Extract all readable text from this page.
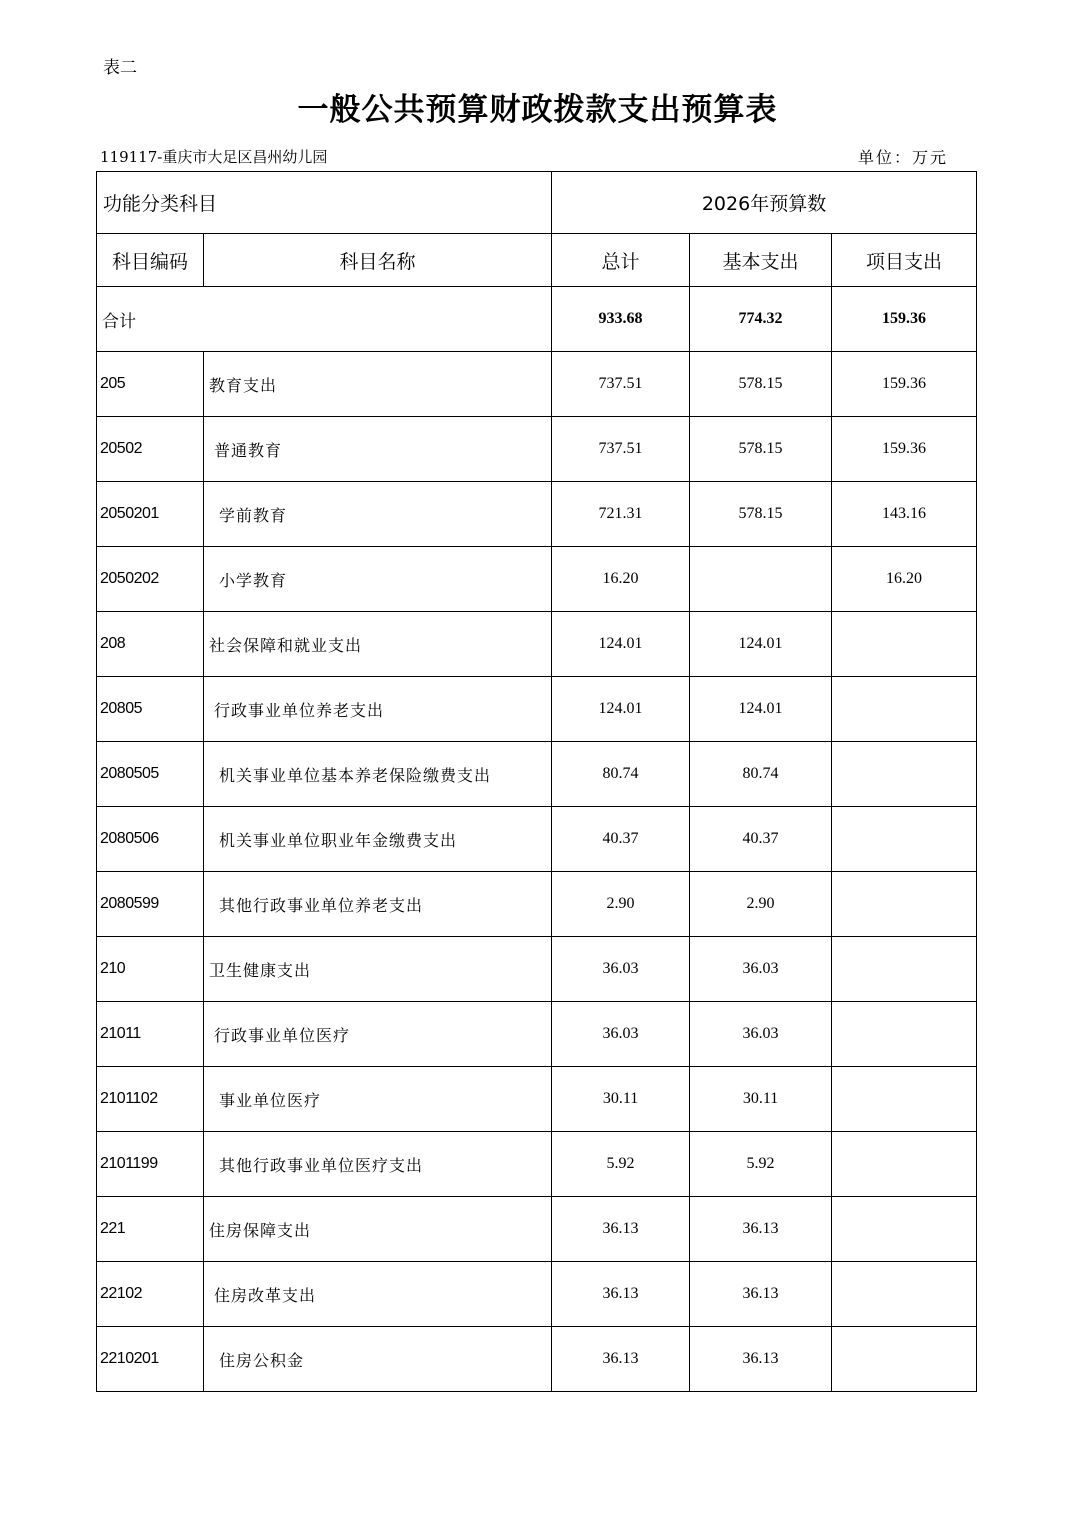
表二
一般公共预算财政拨款支出预算表
119117-重庆市大足区昌州幼儿园	单位：万元
功能分类科目		2026年预算数		
科目编码	科目名称	总计	基本支出	项目支出
合计		933.68	774.32	159.36
205	教育支出	737.51	578.15	159.36
20502	普通教育	737.51	578.15	159.36
2050201	学前教育	721.31	578.15	143.16
2050202	小学教育	16.20		16.20
208	社会保障和就业支出	124.01	124.01	
20805	行政事业单位养老支出	124.01	124.01	
2080505	机关事业单位基本养老保险缴费支出	80.74	80.74	
2080506	机关事业单位职业年金缴费支出	40.37	40.37	
2080599	其他行政事业单位养老支出	2.90	2.90	
210	卫生健康支出	36.03	36.03	
21011	行政事业单位医疗	36.03	36.03	
2101102	事业单位医疗	30.11	30.11	
2101199	其他行政事业单位医疗支出	5.92	5.92	
221	住房保障支出	36.13	36.13	
22102	住房改革支出	36.13	36.13	
2210201	住房公积金	36.13	36.13	
